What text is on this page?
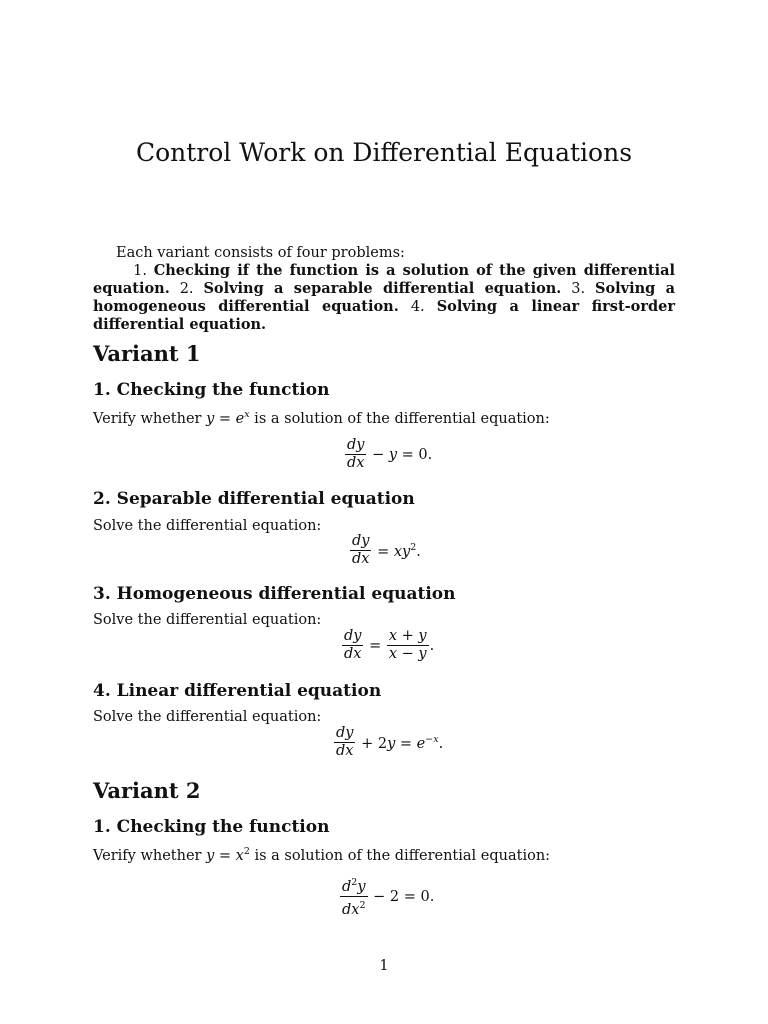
Control Work on Differential Equations
Each variant consists of four problems:
1. Checking if the function is a solution of the given differential equation. 2. Solving a separable differential equation. 3. Solving a homogeneous differential equation. 4. Solving a linear first-order differential equation.
Variant 1
1. Checking the function
Verify whether $y = e^x$ is a solution of the differential equation:
$\frac{dy}{dx} - y = 0$.
2. Separable differential equation
Solve the differential equation:
$\frac{dy}{dx} = xy^2$.
3. Homogeneous differential equation
Solve the differential equation:
$\frac{dy}{dx} = \frac{x + y}{x - y}$ .
4. Linear differential equation
Solve the differential equation:
$\frac{dy}{dx} + 2y = e^{-x}$.
Variant 2
1. Checking the function
Verify whether $y = x^2$ is a solution of the differential equation:
$\frac{d^2y}{dx^2} - 2 = 0$.
1
